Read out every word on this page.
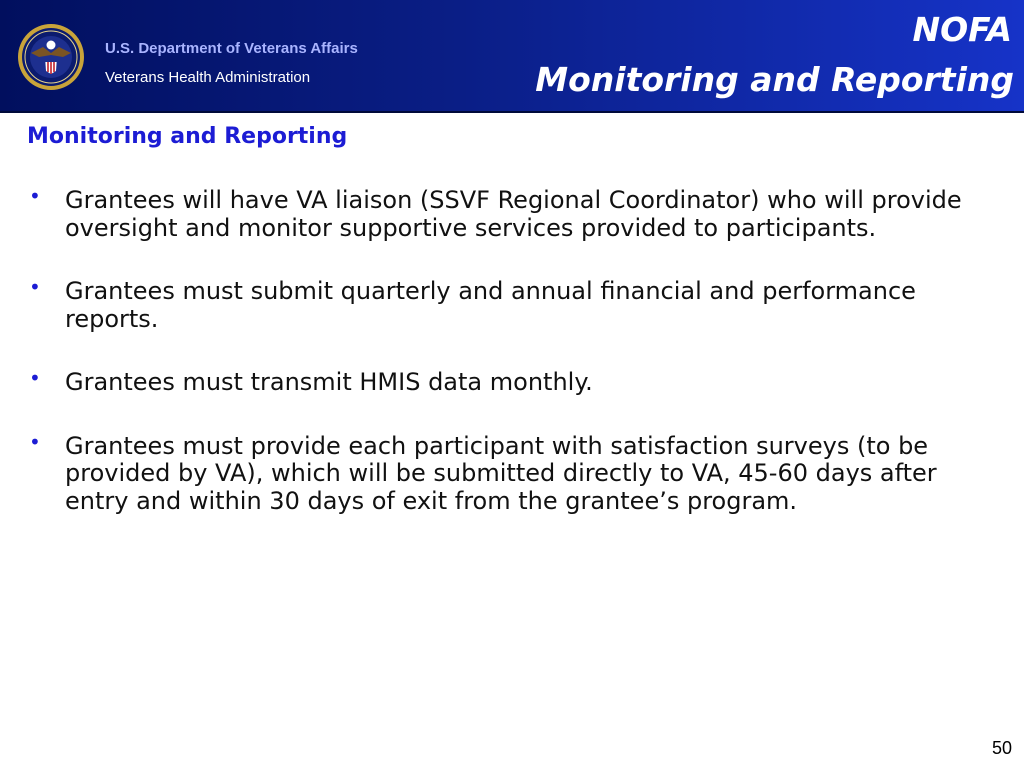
U.S. Department of Veterans Affairs
Veterans Health Administration
NOFA
Monitoring and Reporting
Monitoring and Reporting
• Grantees will have VA liaison (SSVF Regional Coordinator) who will provide oversight and monitor supportive services provided to participants.
• Grantees must submit quarterly and annual financial and performance reports.
• Grantees must transmit HMIS data monthly.
• Grantees must provide each participant with satisfaction surveys (to be provided by VA), which will be submitted directly to VA, 45-60 days after entry and within 30 days of exit from the grantee’s program.
50
